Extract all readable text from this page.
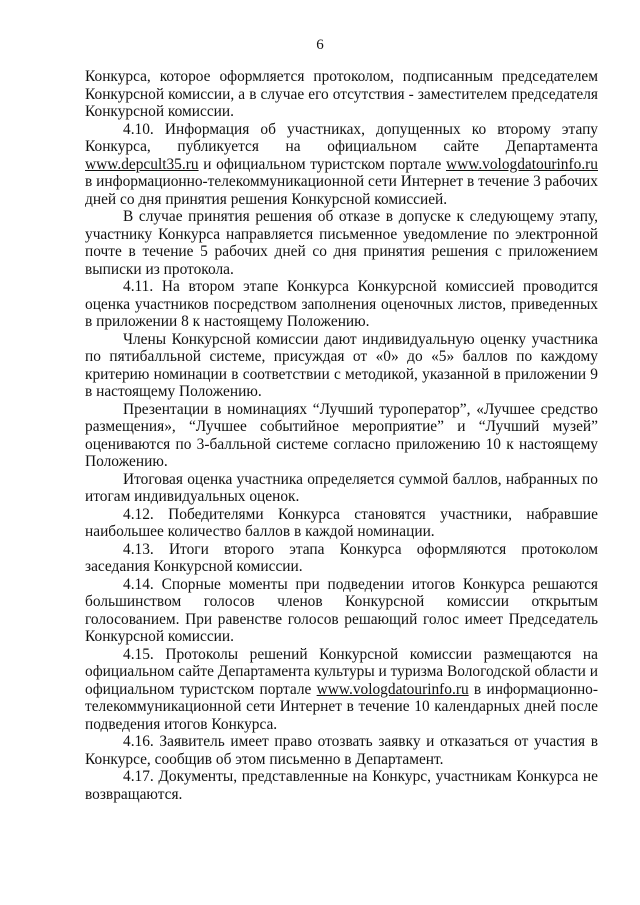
6

Конкурса, которое оформляется протоколом, подписанным председателем Конкурсной комиссии, а в случае его отсутствия - заместителем председателя Конкурсной комиссии.

4.10. Информация об участниках, допущенных ко второму этапу Конкурса, публикуется на официальном сайте Департамента www.depcult35.ru и официальном туристском портале www.vologdatourinfo.ru в информационно-телекоммуникационной сети Интернет в течение 3 рабочих дней со дня принятия решения Конкурсной комиссией.

В случае принятия решения об отказе в допуске к следующему этапу, участнику Конкурса направляется письменное уведомление по электронной почте в течение 5 рабочих дней со дня принятия решения с приложением выписки из протокола.

4.11. На втором этапе Конкурса Конкурсной комиссией проводится оценка участников посредством заполнения оценочных листов, приведенных в приложении 8 к настоящему Положению.

Члены Конкурсной комиссии дают индивидуальную оценку участника по пятибалльной системе, присуждая от «0» до «5» баллов по каждому критерию номинации в соответствии с методикой, указанной в приложении 9 в настоящему Положению.

Презентации в номинациях “Лучший туроператор”, «Лучшее средство размещения», “Лучшее событийное мероприятие” и “Лучший музей” оцениваются по 3-балльной системе согласно приложению 10 к настоящему Положению.

Итоговая оценка участника определяется суммой баллов, набранных по итогам индивидуальных оценок.

4.12. Победителями Конкурса становятся участники, набравшие наибольшее количество баллов в каждой номинации.

4.13. Итоги второго этапа Конкурса оформляются протоколом заседания Конкурсной комиссии.

4.14. Спорные моменты при подведении итогов Конкурса решаются большинством голосов членов Конкурсной комиссии открытым голосованием. При равенстве голосов решающий голос имеет Председатель Конкурсной комиссии.

4.15. Протоколы решений Конкурсной комиссии размещаются на официальном сайте Департамента культуры и туризма Вологодской области и официальном туристском портале www.vologdatourinfo.ru в информационно-телекоммуникационной сети Интернет в течение 10 календарных дней после подведения итогов Конкурса.

4.16. Заявитель имеет право отозвать заявку и отказаться от участия в Конкурсе, сообщив об этом письменно в Департамент.

4.17. Документы, представленные на Конкурс, участникам Конкурса не возвращаются.
